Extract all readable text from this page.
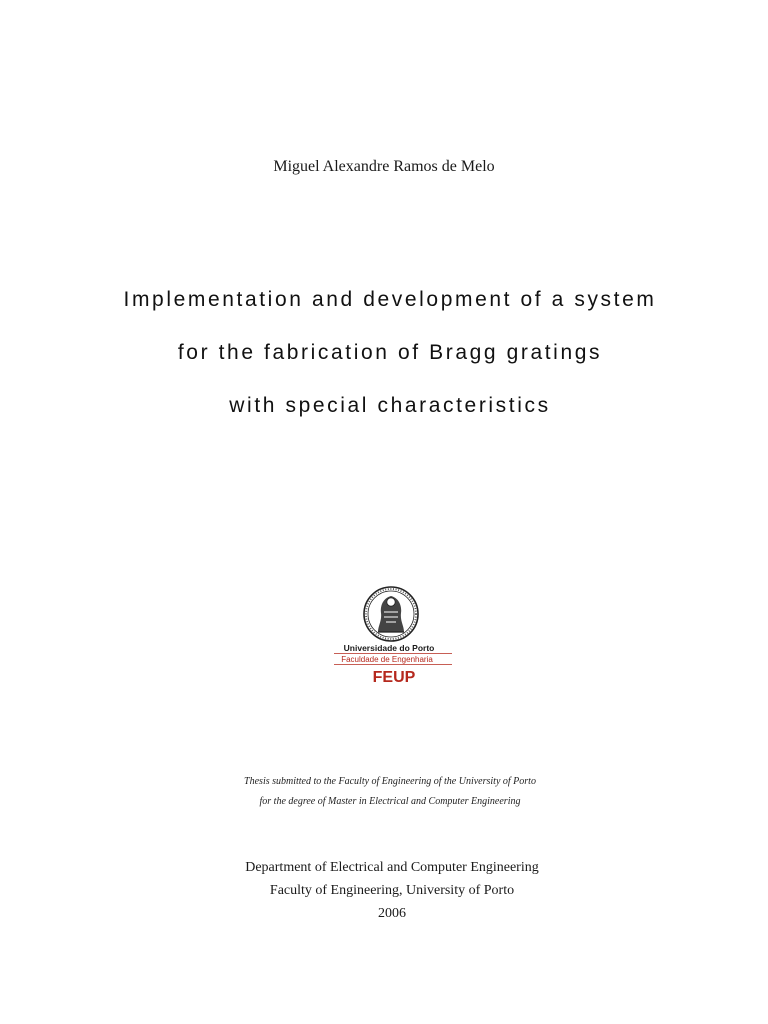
Miguel Alexandre Ramos de Melo
Implementation and development of a system
for the fabrication of Bragg gratings
with special characteristics
Universidade do Porto
Faculdade de Engenharia
FEUP
Thesis submitted to the Faculty of Engineering of the University of Porto
for the degree of Master in Electrical and Computer Engineering
Department of Electrical and Computer Engineering
Faculty of Engineering, University of Porto
2006
